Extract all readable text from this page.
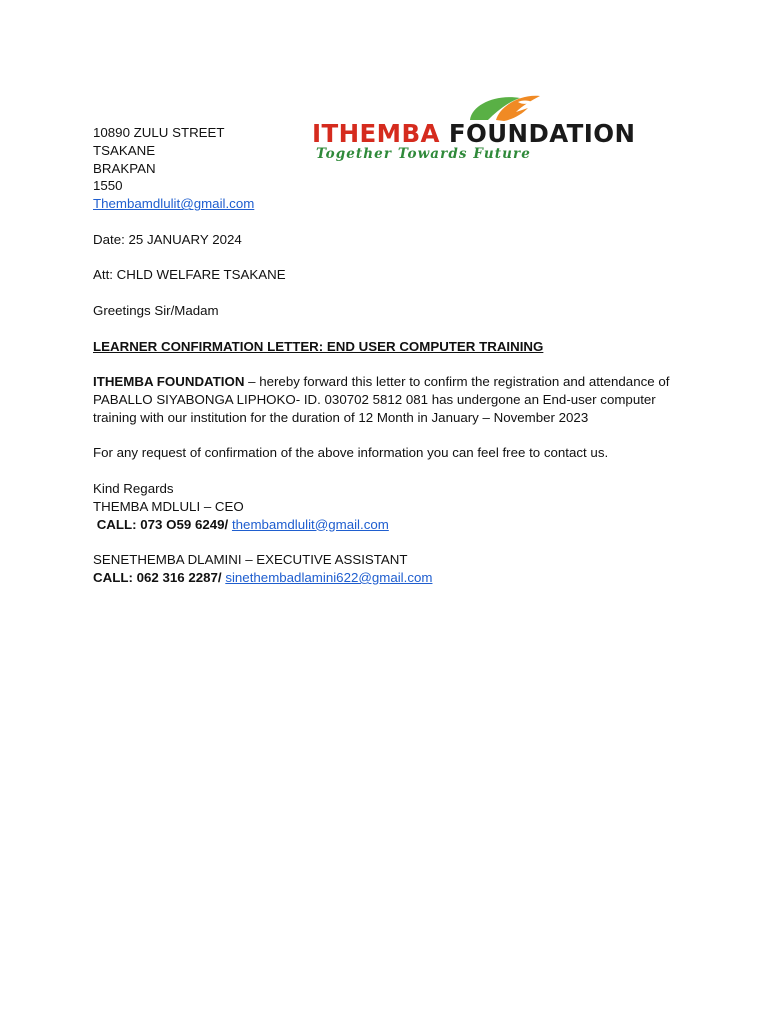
ITHEMBA FOUNDATION
Together Towards Future
10890 ZULU STREET
TSAKANE
BRAKPAN
1550
Thembamdlulit@gmail.com
Date: 25 JANUARY 2024
Att: CHLD WELFARE TSAKANE
Greetings Sir/Madam
LEARNER CONFIRMATION LETTER: END USER COMPUTER TRAINING
ITHEMBA FOUNDATION – hereby forward this letter to confirm the registration and attendance of PABALLO SIYABONGA LIPHOKO- ID. 030702 5812 081 has undergone an End-user computer training with our institution for the duration of 12 Month in January – November 2023
For any request of confirmation of the above information you can feel free to contact us.
Kind Regards
THEMBA MDLULI – CEO
CALL: 073 O59 6249/ thembamdlulit@gmail.com
SENETHEMBA DLAMINI – EXECUTIVE ASSISTANT
CALL: 062 316 2287/ sinethembadlamini622@gmail.com
